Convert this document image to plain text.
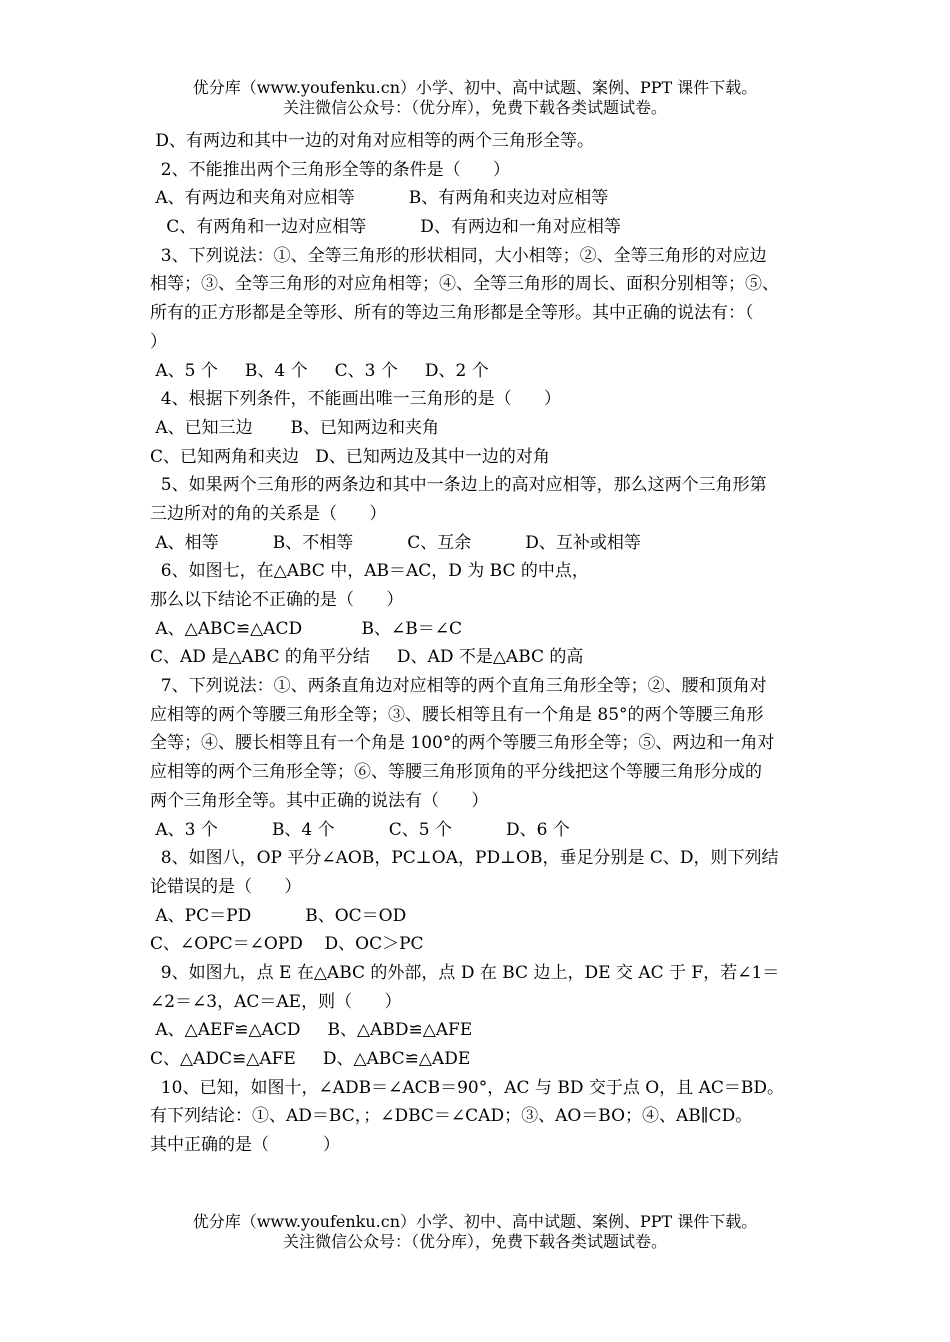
优分库（www.youfenku.cn）小学、初中、高中试题、案例、PPT 课件下载。
关注微信公众号：（优分库），免费下载各类试题试卷。
D、有两边和其中一边的对角对应相等的两个三角形全等。
2、不能推出两个三角形全等的条件是（      ）
A、有两边和夹角对应相等          B、有两角和夹边对应相等
C、有两角和一边对应相等          D、有两边和一角对应相等
3、下列说法：①、全等三角形的形状相同，大小相等；②、全等三角形的对应边
相等；③、全等三角形的对应角相等；④、全等三角形的周长、面积分别相等；⑤、
所有的正方形都是全等形、所有的等边三角形都是全等形。其中正确的说法有：（
）
A、5 个     B、4 个     C、3 个     D、2 个
4、根据下列条件，不能画出唯一三角形的是（      ）
A、已知三边       B、已知两边和夹角
C、已知两角和夹边   D、已知两边及其中一边的对角
5、如果两个三角形的两条边和其中一条边上的高对应相等，那么这两个三角形第
三边所对的角的关系是（      ）
A、相等          B、不相等          C、互余          D、互补或相等
6、如图七，在△ABC 中，AB＝AC，D 为 BC 的中点，
那么以下结论不正确的是（      ）
A、△ABC≌△ACD           B、∠B＝∠C
C、AD 是△ABC 的角平分结     D、AD 不是△ABC 的高
7、下列说法：①、两条直角边对应相等的两个直角三角形全等；②、腰和顶角对
应相等的两个等腰三角形全等；③、腰长相等且有一个角是 85°的两个等腰三角形
全等；④、腰长相等且有一个角是 100°的两个等腰三角形全等；⑤、两边和一角对
应相等的两个三角形全等；⑥、等腰三角形顶角的平分线把这个等腰三角形分成的
两个三角形全等。其中正确的说法有（      ）
A、3 个          B、4 个          C、5 个          D、6 个
8、如图八，OP 平分∠AOB，PC⊥OA，PD⊥OB，垂足分别是 C、D，则下列结
论错误的是（      ）
A、PC＝PD          B、OC＝OD
C、∠OPC＝∠OPD    D、OC＞PC
9、如图九，点 E 在△ABC 的外部，点 D 在 BC 边上，DE 交 AC 于 F，若∠1＝
∠2＝∠3，AC＝AE，则（      ）
A、△AEF≌△ACD     B、△ABD≌△AFE
C、△ADC≌△AFE     D、△ABC≌△ADE
10、已知，如图十，∠ADB＝∠ACB＝90°，AC 与 BD 交于点 O，且 AC＝BD。
有下列结论：①、AD＝BC，；∠DBC＝∠CAD；③、AO＝BO；④、AB∥CD。
其中正确的是（          ）
优分库（www.youfenku.cn）小学、初中、高中试题、案例、PPT 课件下载。
关注微信公众号：（优分库），免费下载各类试题试卷。
